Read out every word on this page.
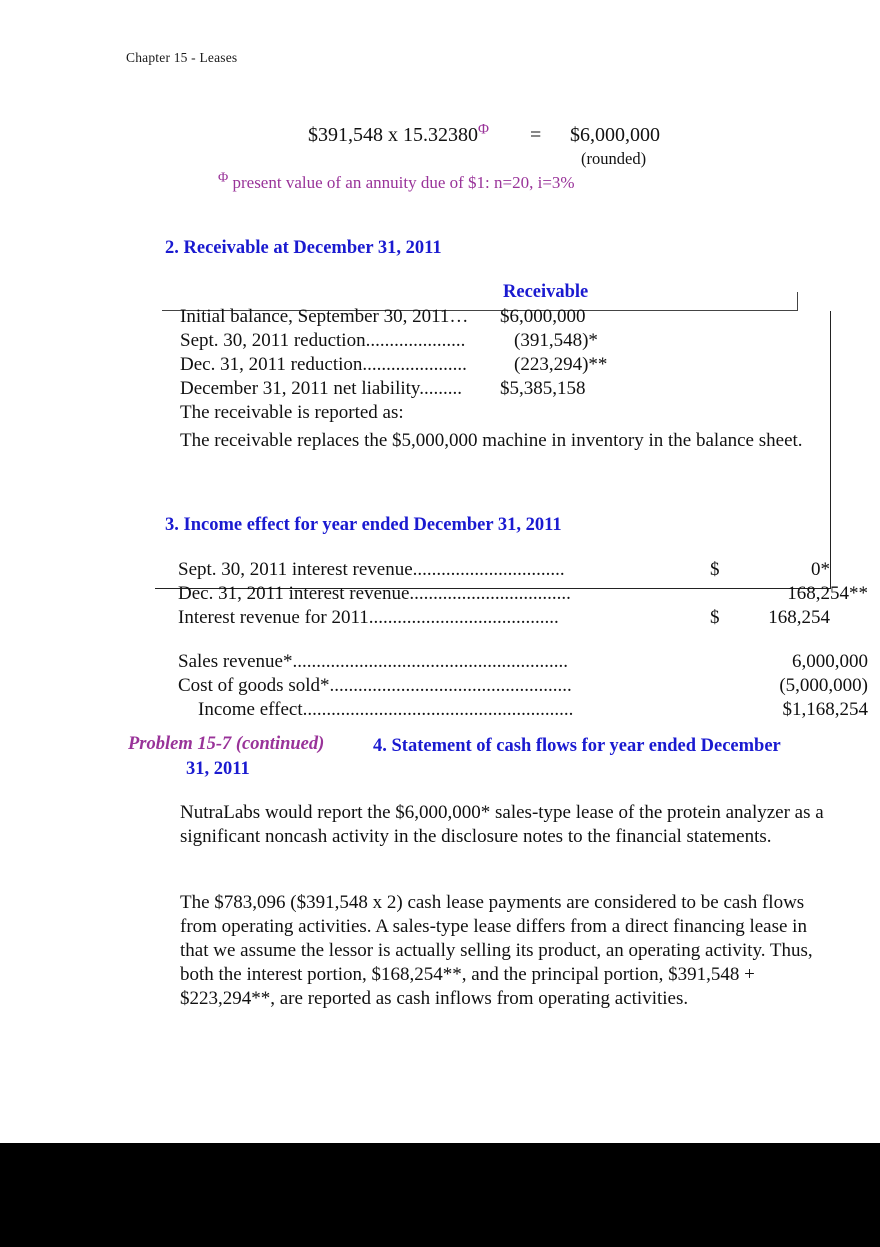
Chapter 15 - Leases
$391,548 x $15.32380^\Phi$ = $6,000,000
(rounded)
$^\Phi$ present value of an annuity due of $1: n=20, i=3%
2. Receivable at December 31, 2011
Receivable
Initial balance, September 30, 2011… $6,000,000
Sept. 30, 2011 reduction.....................	(391,548)*
Dec. 31, 2011 reduction...................... (223,294)**
December 31, 2011 net liability......... $5,385,158
The receivable is reported as:
The receivable replaces the $5,000,000 machine in inventory in the balance sheet.
3. Income effect for year ended December 31, 2011
Sept. 30, 2011 interest revenue................................	$	0*
Dec. 31, 2011 interest revenue..................................	168,254**
Interest revenue for 2011........................................	$	168,254
Sales revenue*..........................................................	6,000,000
Cost of goods sold*...................................................	(5,000,000)
Income effect.........................................................	$1,168,254
Problem 15-7 (continued)	4. Statement of cash flows for year ended December
31, 2011
NutraLabs would report the $6,000,000* sales-type lease of the protein analyzer as a significant noncash activity in the disclosure notes to the financial statements.
The $783,096 ($391,548 x 2) cash lease payments are considered to be cash flows from operating activities. A sales-type lease differs from a direct financing lease in that we assume the lessor is actually selling its product, an operating activity. Thus, both the interest portion, $168,254**, and the principal portion, $391,548 + $223,294**, are reported as cash inflows from operating activities.
